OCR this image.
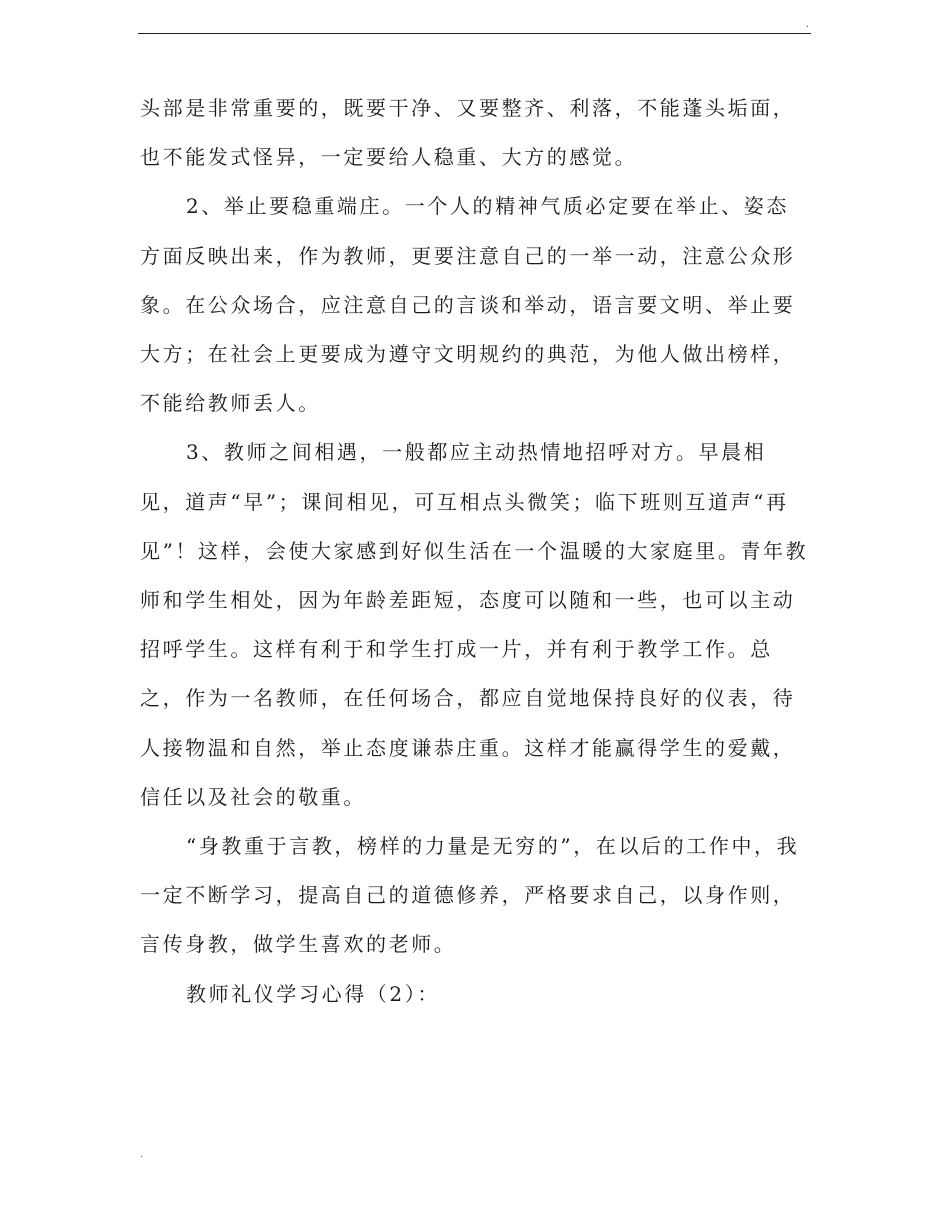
.

头部是非常重要的，既要干净、又要整齐、利落，不能蓬头垢面，也不能发式怪异，一定要给人稳重、大方的感觉。

2、举止要稳重端庄。一个人的精神气质必定要在举止、姿态方面反映出来，作为教师，更要注意自己的一举一动，注意公众形象。在公众场合，应注意自己的言谈和举动，语言要文明、举止要大方；在社会上更要成为遵守文明规约的典范，为他人做出榜样，不能给教师丢人。

3、教师之间相遇，一般都应主动热情地招呼对方。早晨相见，道声“早”；课间相见，可互相点头微笑；临下班则互道声“再见”！这样，会使大家感到好似生活在一个温暖的大家庭里。青年教师和学生相处，因为年龄差距短，态度可以随和一些，也可以主动招呼学生。这样有利于和学生打成一片，并有利于教学工作。总之，作为一名教师，在任何场合，都应自觉地保持良好的仪表，待人接物温和自然，举止态度谦恭庄重。这样才能赢得学生的爱戴，信任以及社会的敬重。

“身教重于言教，榜样的力量是无穷的”，在以后的工作中，我一定不断学习，提高自己的道德修养，严格要求自己，以身作则，言传身教，做学生喜欢的老师。

教师礼仪学习心得（2）：

.
